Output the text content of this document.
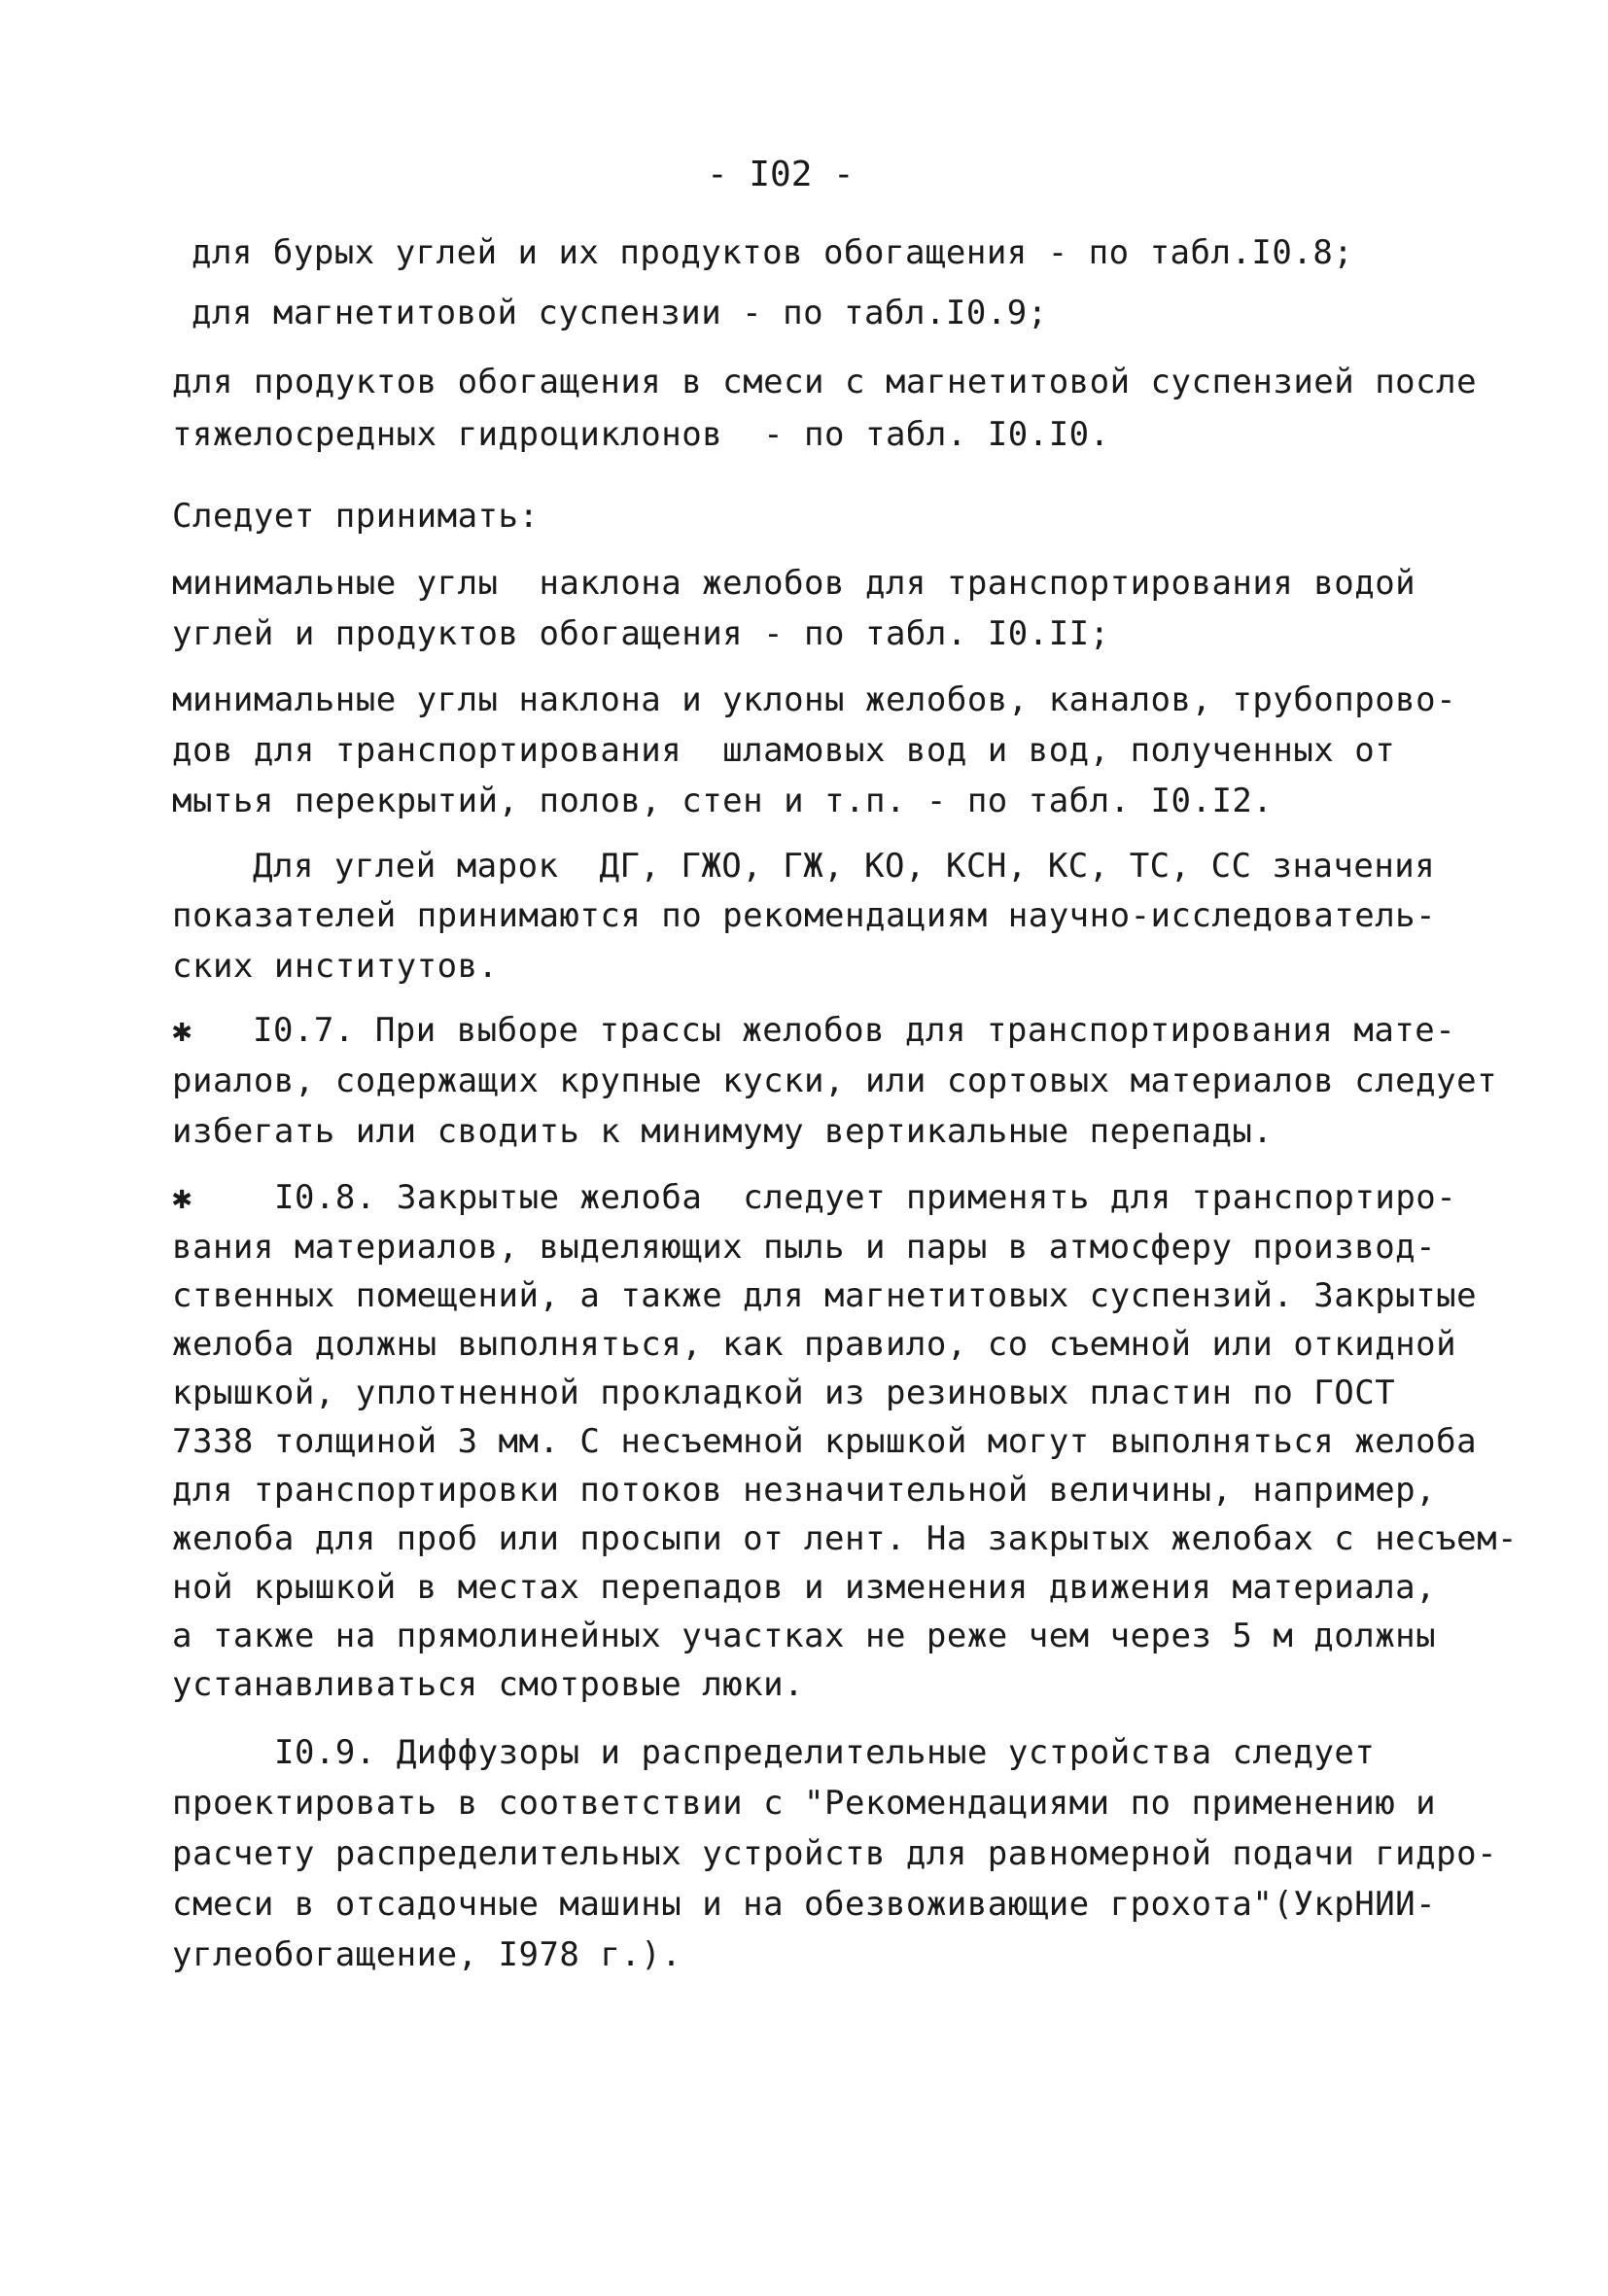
- I02 -
для бурых углей и их продуктов обогащения - по табл.I0.8;
для магнетитовой суспензии - по табл.I0.9;
для продуктов обогащения в смеси с магнетитовой суспензией после
тяжелосредных гидроциклонов  - по табл. I0.I0.
Следует принимать:
минимальные углы  наклона желобов для транспортирования водой
углей и продуктов обогащения - по табл. I0.II;
минимальные углы наклона и уклоны желобов, каналов, трубопрово-
дов для транспортирования  шламовых вод и вод, полученных от
мытья перекрытий, полов, стен и т.п. - по табл. I0.I2.
Для углей марок  ДГ, ГЖО, ГЖ, КО, КСН, КС, ТС, СС значения
показателей принимаются по рекомендациям научно-исследователь-
ских институтов.
✱ I0.7. При выборе трассы желобов для транспортирования мате-
риалов, содержащих крупные куски, или сортовых материалов следует
избегать или сводить к минимуму вертикальные перепады.
✱ I0.8. Закрытые желоба  следует применять для транспортиро-
вания материалов, выделяющих пыль и пары в атмосферу производ-
ственных помещений, а также для магнетитовых суспензий. Закрытые
желоба должны выполняться, как правило, со съемной или откидной
крышкой, уплотненной прокладкой из резиновых пластин по ГОСТ
7338 толщиной 3 мм. С несъемной крышкой могут выполняться желоба
для транспортировки потоков незначительной величины, например,
желоба для проб или просыпи от лент. На закрытых желобах с несъем-
ной крышкой в местах перепадов и изменения движения материала,
а также на прямолинейных участках не реже чем через 5 м должны
устанавливаться смотровые люки.
I0.9. Диффузоры и распределительные устройства следует
проектировать в соответствии с "Рекомендациями по применению и
расчету распределительных устройств для равномерной подачи гидро-
смеси в отсадочные машины и на обезвоживающие грохота"(УкрНИИ-
углеобогащение, I978 г.).
